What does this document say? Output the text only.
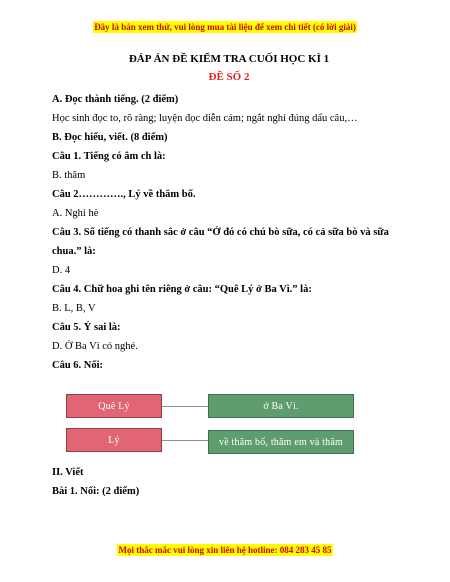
Đây là bản xem thử, vui lòng mua tài liệu để xem chi tiết (có lời giải)

ĐÁP ÁN ĐỀ KIỂM TRA CUỐI HỌC KÌ 1

ĐỀ SỐ 2

A. Đọc thành tiếng. (2 điểm)

Học sinh đọc to, rõ ràng; luyện đọc diễn cảm; ngắt nghỉ đúng dấu câu,…

B. Đọc hiểu, viết. (8 điểm)

Câu 1. Tiếng có âm ch là:

B. thăm

Câu 2…………., Lý về thăm bố.

A. Nghỉ hè

Câu 3. Số tiếng có thanh sắc ở câu “Ở đó có chú bò sữa, có cả sữa bò và sữa

chua.” là:

D. 4

Câu 4. Chữ hoa ghi tên riêng ở câu: “Quê Lý ở Ba Vì.” là:

B. L, B, V

Câu 5. Ý sai là:

D. Ở Ba Vì có nghé.

Câu 6. Nối:

Quê Lý	ở Ba Vì.
Lý	về thăm bố, thăm em và thăm quê.

II. Viết

Bài 1. Nối: (2 điểm)

Mọi thắc mắc vui lòng xin liên hệ hotline: 084 283 45 85
